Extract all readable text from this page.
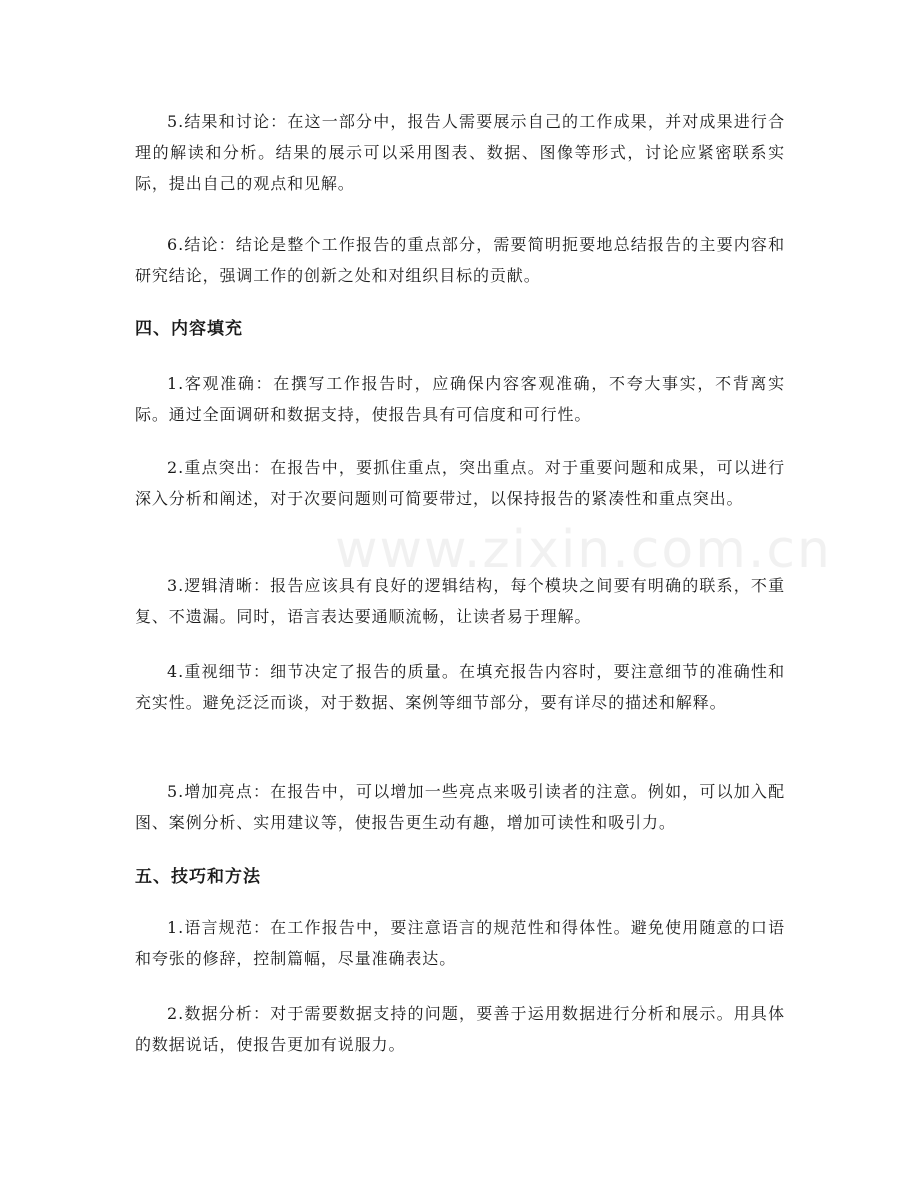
www.zixin.com.cn

5.结果和讨论：在这一部分中，报告人需要展示自己的工作成果，并对成果进行合理的解读和分析。结果的展示可以采用图表、数据、图像等形式，讨论应紧密联系实际，提出自己的观点和见解。

6.结论：结论是整个工作报告的重点部分，需要简明扼要地总结报告的主要内容和研究结论，强调工作的创新之处和对组织目标的贡献。

四、内容填充

1.客观准确：在撰写工作报告时，应确保内容客观准确，不夸大事实，不背离实际。通过全面调研和数据支持，使报告具有可信度和可行性。

2.重点突出：在报告中，要抓住重点，突出重点。对于重要问题和成果，可以进行深入分析和阐述，对于次要问题则可简要带过，以保持报告的紧凑性和重点突出。

3.逻辑清晰：报告应该具有良好的逻辑结构，每个模块之间要有明确的联系，不重复、不遗漏。同时，语言表达要通顺流畅，让读者易于理解。

4.重视细节：细节决定了报告的质量。在填充报告内容时，要注意细节的准确性和充实性。避免泛泛而谈，对于数据、案例等细节部分，要有详尽的描述和解释。

5.增加亮点：在报告中，可以增加一些亮点来吸引读者的注意。例如，可以加入配图、案例分析、实用建议等，使报告更生动有趣，增加可读性和吸引力。

五、技巧和方法

1.语言规范：在工作报告中，要注意语言的规范性和得体性。避免使用随意的口语和夸张的修辞，控制篇幅，尽量准确表达。

2.数据分析：对于需要数据支持的问题，要善于运用数据进行分析和展示。用具体的数据说话，使报告更加有说服力。
